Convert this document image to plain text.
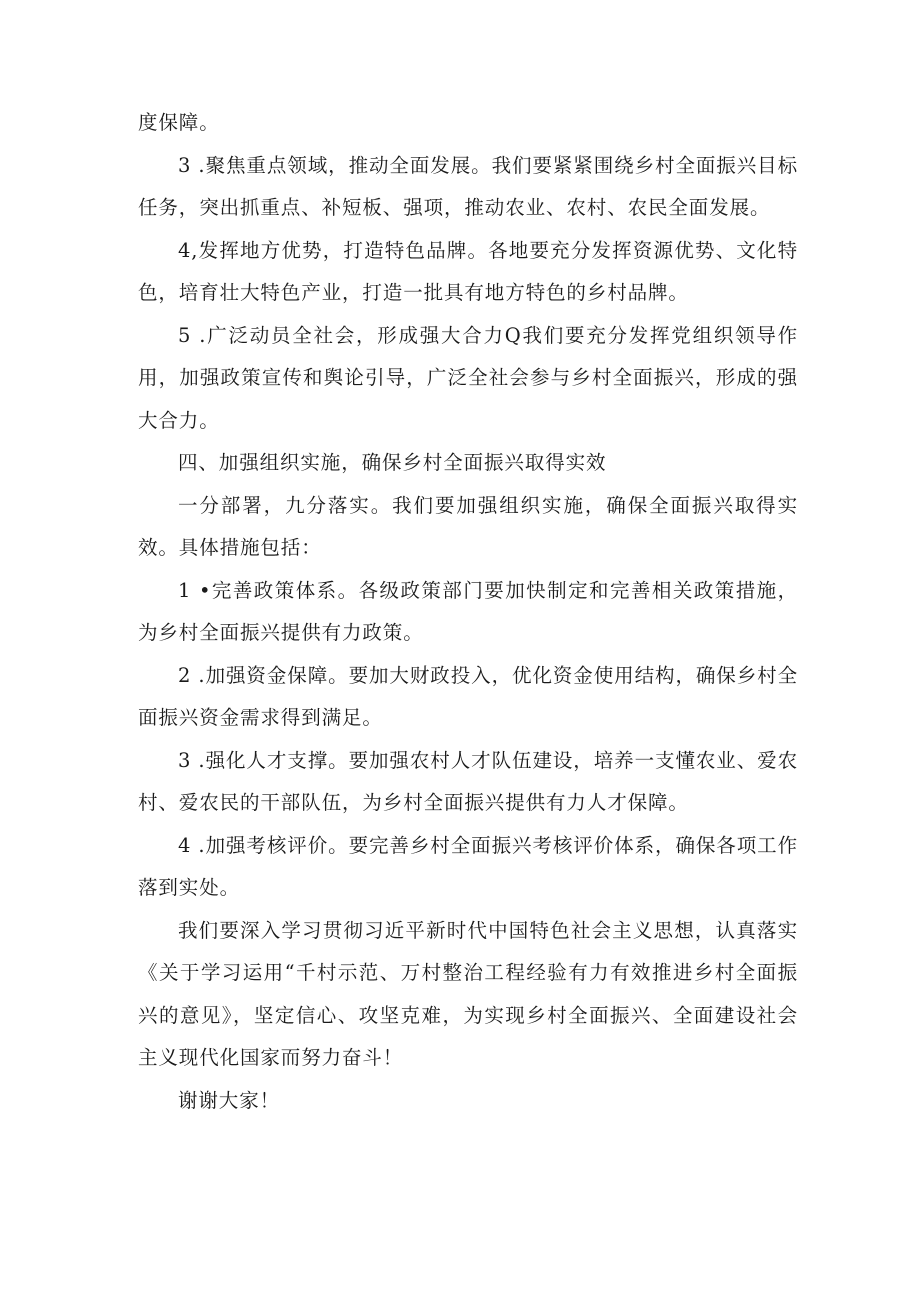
度保障。

3 .聚焦重点领域，推动全面发展。我们要紧紧围绕乡村全面振兴目标任务，突出抓重点、补短板、强项，推动农业、农村、农民全面发展。

4,发挥地方优势，打造特色品牌。各地要充分发挥资源优势、文化特色，培育壮大特色产业，打造一批具有地方特色的乡村品牌。

5 .广泛动员全社会，形成强大合力Q我们要充分发挥党组织领导作用，加强政策宣传和舆论引导，广泛全社会参与乡村全面振兴，形成的强大合力。

四、加强组织实施，确保乡村全面振兴取得实效

一分部署，九分落实。我们要加强组织实施，确保全面振兴取得实效。具体措施包括：

1 •完善政策体系。各级政策部门要加快制定和完善相关政策措施，为乡村全面振兴提供有力政策。

2 .加强资金保障。要加大财政投入，优化资金使用结构，确保乡村全面振兴资金需求得到满足。

3 .强化人才支撑。要加强农村人才队伍建设，培养一支懂农业、爱农村、爱农民的干部队伍，为乡村全面振兴提供有力人才保障。

4 .加强考核评价。要完善乡村全面振兴考核评价体系，确保各项工作落到实处。

我们要深入学习贯彻习近平新时代中国特色社会主义思想，认真落实《关于学习运用“千村示范、万村整治工程经验有力有效推进乡村全面振兴的意见》，坚定信心、攻坚克难，为实现乡村全面振兴、全面建设社会主义现代化国家而努力奋斗！

谢谢大家！
